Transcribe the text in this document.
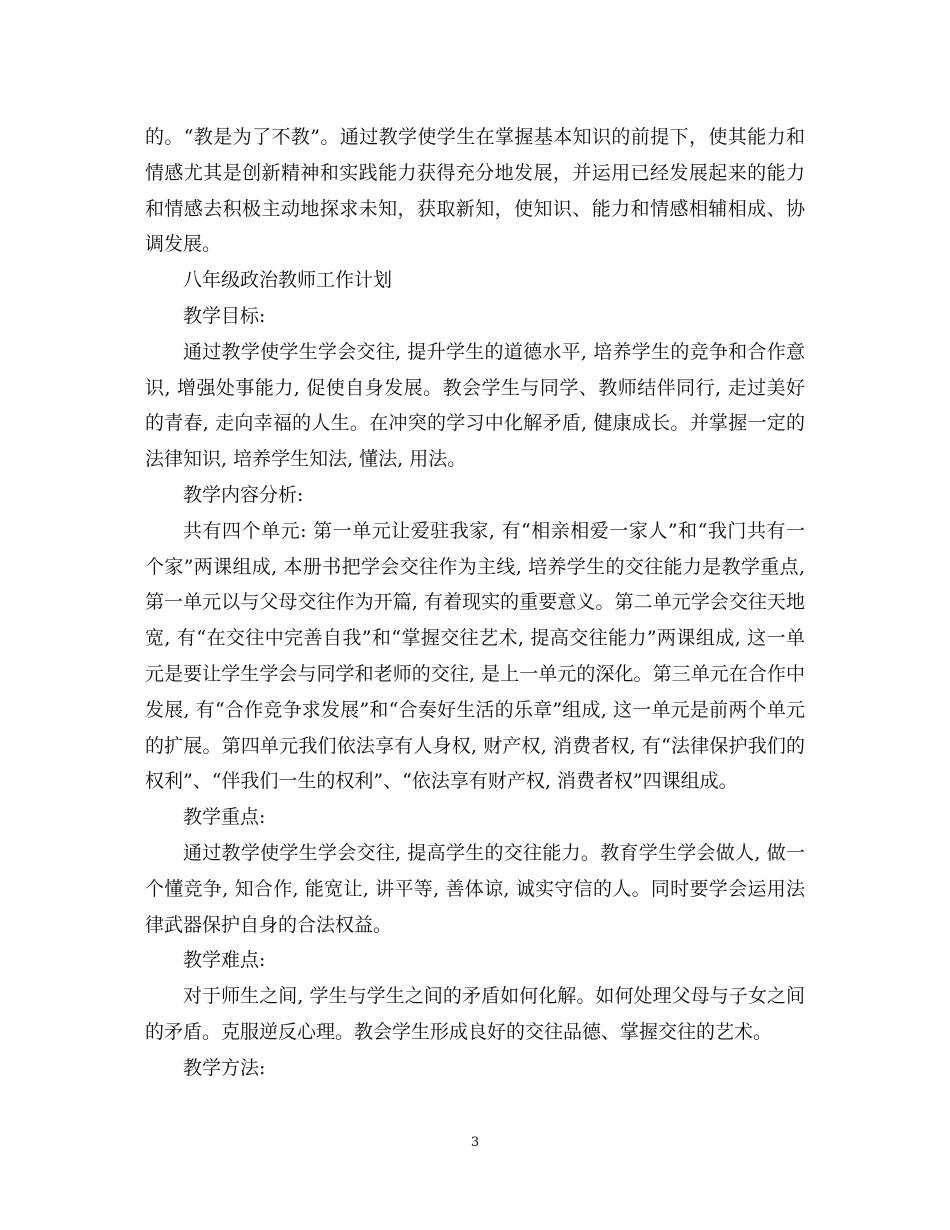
的。“教是为了不教”。通过教学使学生在掌握基本知识的前提下，使其能力和情感尤其是创新精神和实践能力获得充分地发展，并运用已经发展起来的能力和情感去积极主动地探求未知，获取新知，使知识、能力和情感相辅相成、协调发展。

八年级政治教师工作计划

教学目标:

通过教学使学生学会交往, 提升学生的道德水平, 培养学生的竞争和合作意识, 增强处事能力, 促使自身发展。教会学生与同学、教师结伴同行, 走过美好的青春, 走向幸福的人生。在冲突的学习中化解矛盾, 健康成长。并掌握一定的法律知识, 培养学生知法, 懂法, 用法。

教学内容分析:

共有四个单元: 第一单元让爱驻我家, 有“相亲相爱一家人”和“我门共有一个家”两课组成, 本册书把学会交往作为主线, 培养学生的交往能力是教学重点, 第一单元以与父母交往作为开篇, 有着现实的重要意义。第二单元学会交往天地宽, 有“在交往中完善自我”和“掌握交往艺术, 提高交往能力”两课组成, 这一单元是要让学生学会与同学和老师的交往, 是上一单元的深化。第三单元在合作中发展, 有“合作竞争求发展”和“合奏好生活的乐章”组成, 这一单元是前两个单元的扩展。第四单元我们依法享有人身权, 财产权, 消费者权, 有“法律保护我们的权利”、“伴我们一生的权利”、“依法享有财产权, 消费者权”四课组成。

教学重点:

通过教学使学生学会交往, 提高学生的交往能力。教育学生学会做人, 做一个懂竞争, 知合作, 能宽让, 讲平等, 善体谅, 诚实守信的人。同时要学会运用法律武器保护自身的合法权益。

教学难点:

对于师生之间, 学生与学生之间的矛盾如何化解。如何处理父母与子女之间的矛盾。克服逆反心理。教会学生形成良好的交往品德、掌握交往的艺术。

教学方法:

3
